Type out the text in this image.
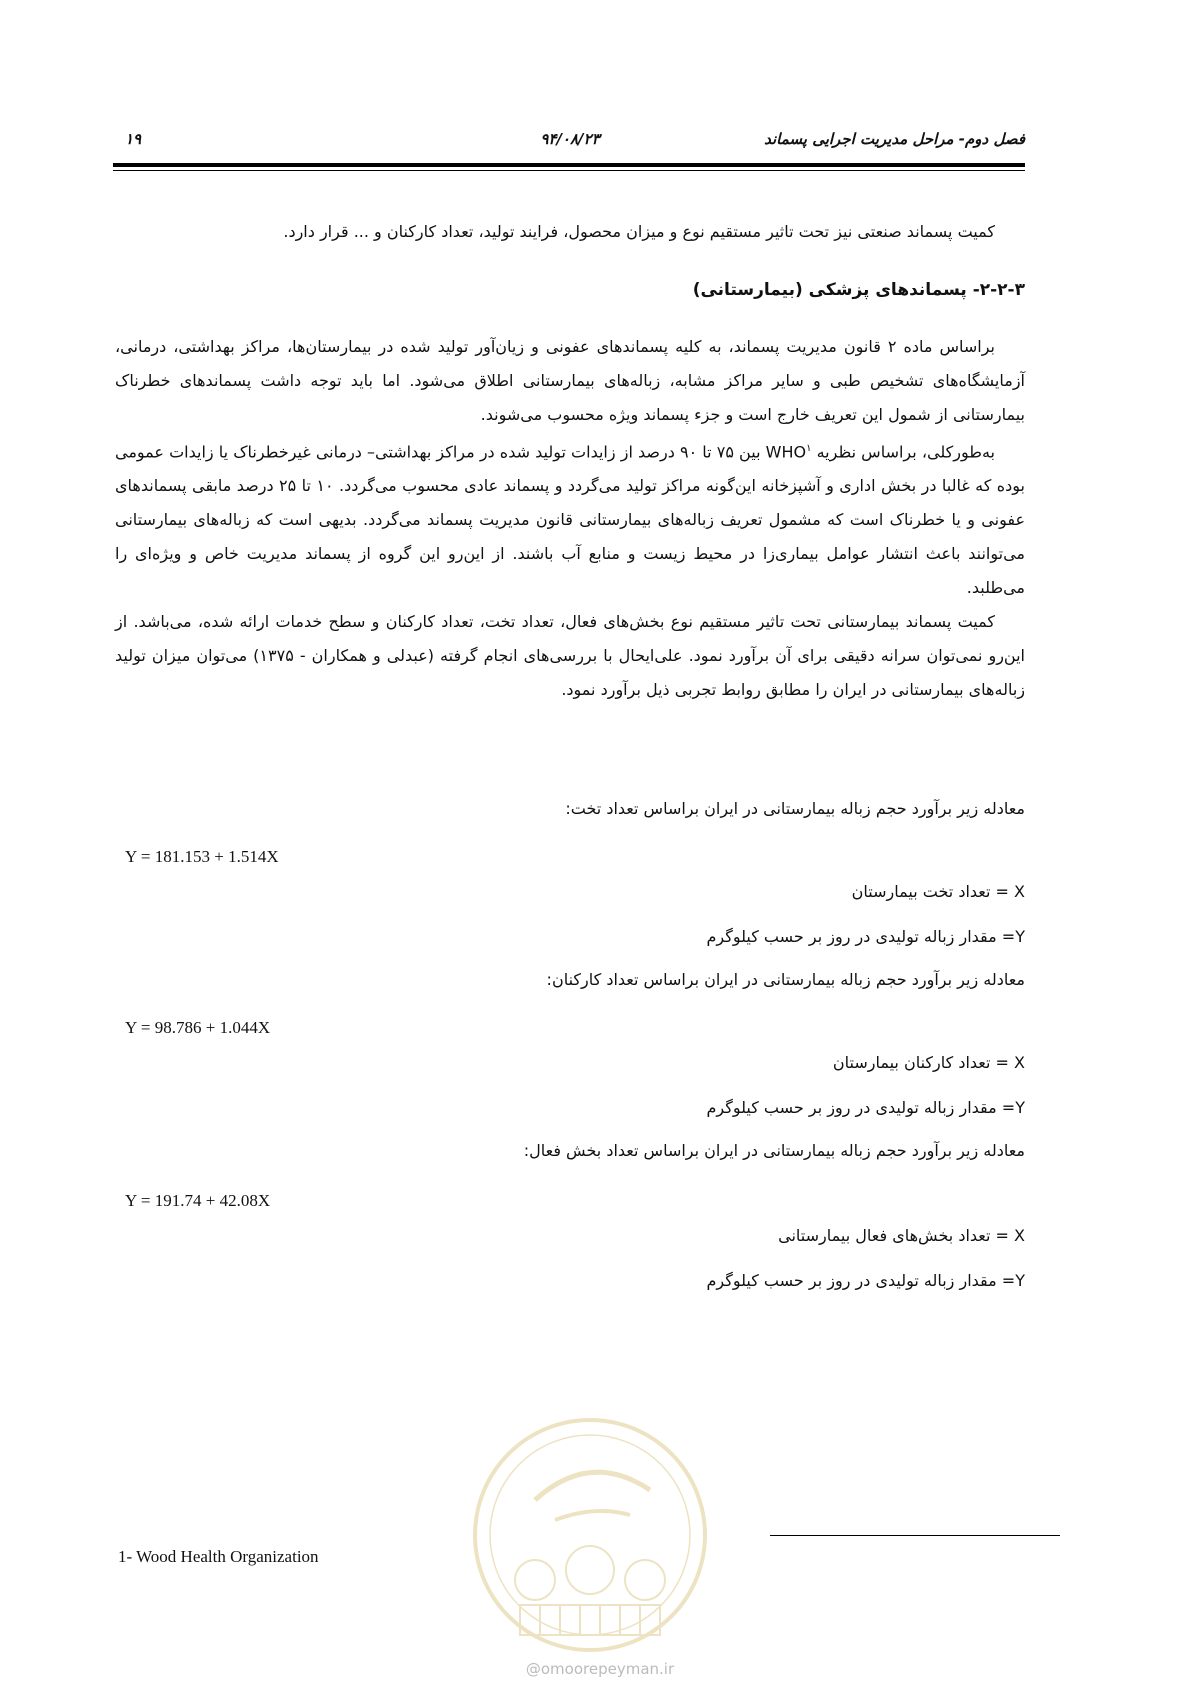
فصل دوم- مراحل مدیریت اجرایی پسماند
۹۴/۰۸/۲۳
۱۹

کمیت پسماند صنعتی نیز تحت تاثیر مستقیم نوع و میزان محصول، فرایند تولید، تعداد کارکنان و ... قرار دارد.

۲-۲-۳- پسماندهای پزشکی (بیمارستانی)

براساس ماده ۲ قانون مدیریت پسماند، به کلیه پسماندهای عفونی و زیان‌آور تولید شده در بیمارستان‌ها، مراکز بهداشتی، درمانی، آزمایشگاه‌های تشخیص طبی و سایر مراکز مشابه، زباله‌های بیمارستانی اطلاق می‌شود. اما باید توجه داشت پسماندهای خطرناک بیمارستانی از شمول این تعریف خارج است و جزء پسماند ویژه محسوب می‌شوند.

به‌طورکلی، براساس نظریه WHO$^۱$ بین ۷۵ تا ۹۰ درصد از زایدات تولید شده در مراکز بهداشتی– درمانی غیرخطرناک یا زایدات عمومی بوده که غالبا در بخش اداری و آشپزخانه این‌گونه مراکز تولید می‌گردد و پسماند عادی محسوب می‌گردد. ۱۰ تا ۲۵ درصد مابقی پسماندهای عفونی و یا خطرناک است که مشمول تعریف زباله‌های بیمارستانی قانون مدیریت پسماند می‌گردد. بدیهی است که زباله‌های بیمارستانی می‌توانند باعث انتشار عوامل بیماری‌زا در محیط زیست و منابع آب باشند. از این‌رو این گروه از پسماند مدیریت خاص و ویژه‌ای را می‌طلبد.

کمیت پسماند بیمارستانی تحت تاثیر مستقیم نوع بخش‌های فعال، تعداد تخت، تعداد کارکنان و سطح خدمات ارائه شده، می‌باشد. از این‌رو نمی‌توان سرانه دقیقی برای آن برآورد نمود. علی‌ایحال با بررسی‌های انجام گرفته (عبدلی و همکاران - ۱۳۷۵) می‌توان میزان تولید زباله‌های بیمارستانی در ایران را مطابق روابط تجربی ذیل برآورد نمود.

معادله زیر برآورد حجم زباله بیمارستانی در ایران براساس تعداد تخت:
Y = 181.153 + 1.514X
X = تعداد تخت بیمارستان
Y= مقدار زباله تولیدی در روز بر حسب کیلوگرم
معادله زیر برآورد حجم زباله بیمارستانی در ایران براساس تعداد کارکنان:
Y = 98.786 + 1.044X
X = تعداد کارکنان بیمارستان
Y= مقدار زباله تولیدی در روز بر حسب کیلوگرم
معادله زیر برآورد حجم زباله بیمارستانی در ایران براساس تعداد بخش فعال:
Y = 191.74 + 42.08X
X = تعداد بخش‌های فعال بیمارستانی
Y= مقدار زباله تولیدی در روز بر حسب کیلوگرم
@omoorepeyman.ir
1- Wood Health Organization
